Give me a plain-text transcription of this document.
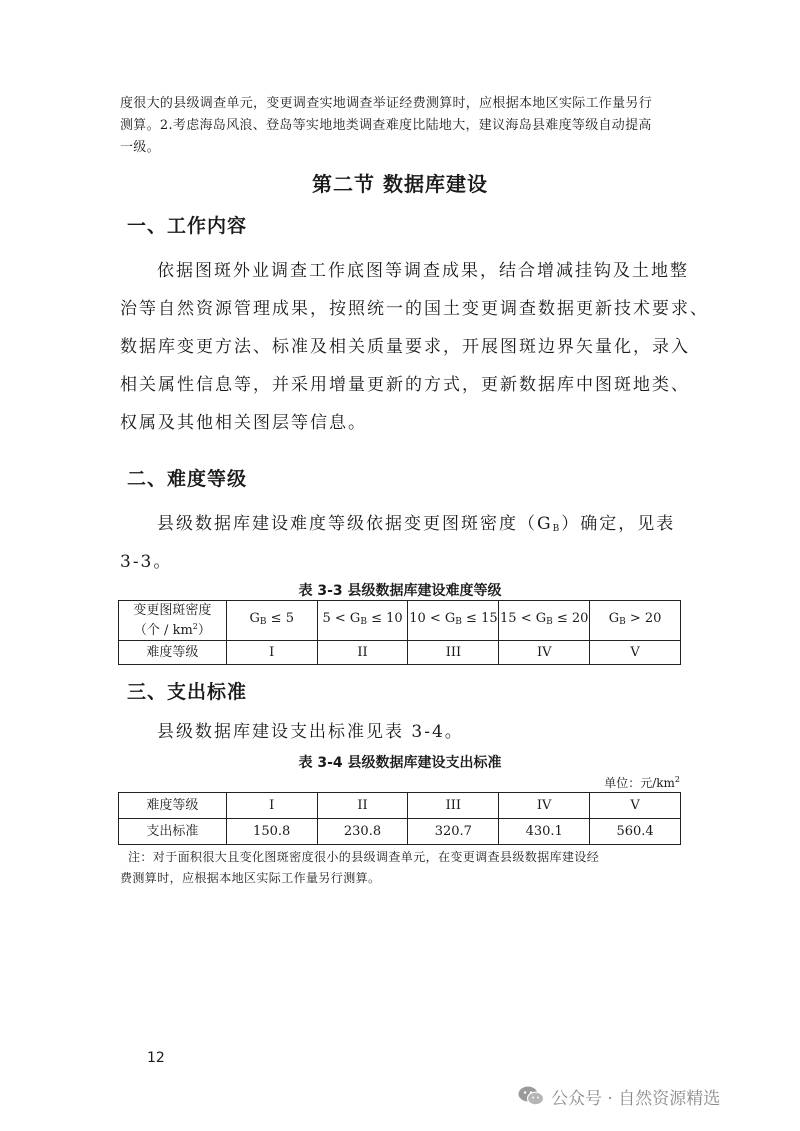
度很大的县级调查单元，变更调查实地调查举证经费测算时，应根据本地区实际工作量另行

测算。2.考虑海岛风浪、登岛等实地地类调查难度比陆地大，建议海岛县难度等级自动提高

一级。

第二节 数据库建设
一、工作内容
依据图斑外业调查工作底图等调查成果，结合增减挂钩及土地整
治等自然资源管理成果，按照统一的国土变更调查数据更新技术要求、
数据库变更方法、标准及相关质量要求，开展图斑边界矢量化，录入
相关属性信息等，并采用增量更新的方式，更新数据库中图斑地类、
权属及其他相关图层等信息。
二、难度等级
县级数据库建设难度等级依据变更图斑密度$(G_B)$确定，见表
3-3。
表 3-3 县级数据库建设难度等级
变更图斑密度
（个 / $km^2$）	$G_B \le 5$	$5 < G_B \le 10$	$10 < G_B \le 15$	$15 < G_B \le 20$	$G_B > 20$
难度等级	I	II	III	IV	V
三、支出标准
县级数据库建设支出标准见表 3-4。
表 3-4 县级数据库建设支出标准
单位：元$/km^2$
难度等级	I	II	III	IV	V
支出标准	150.8	230.8	320.7	430.1	560.4

注：对于面积很大且变化图斑密度很小的县级调查单元，在变更调查县级数据库建设经

费测算时，应根据本地区实际工作量另行测算。

12
公众号 · 自然资源精选
